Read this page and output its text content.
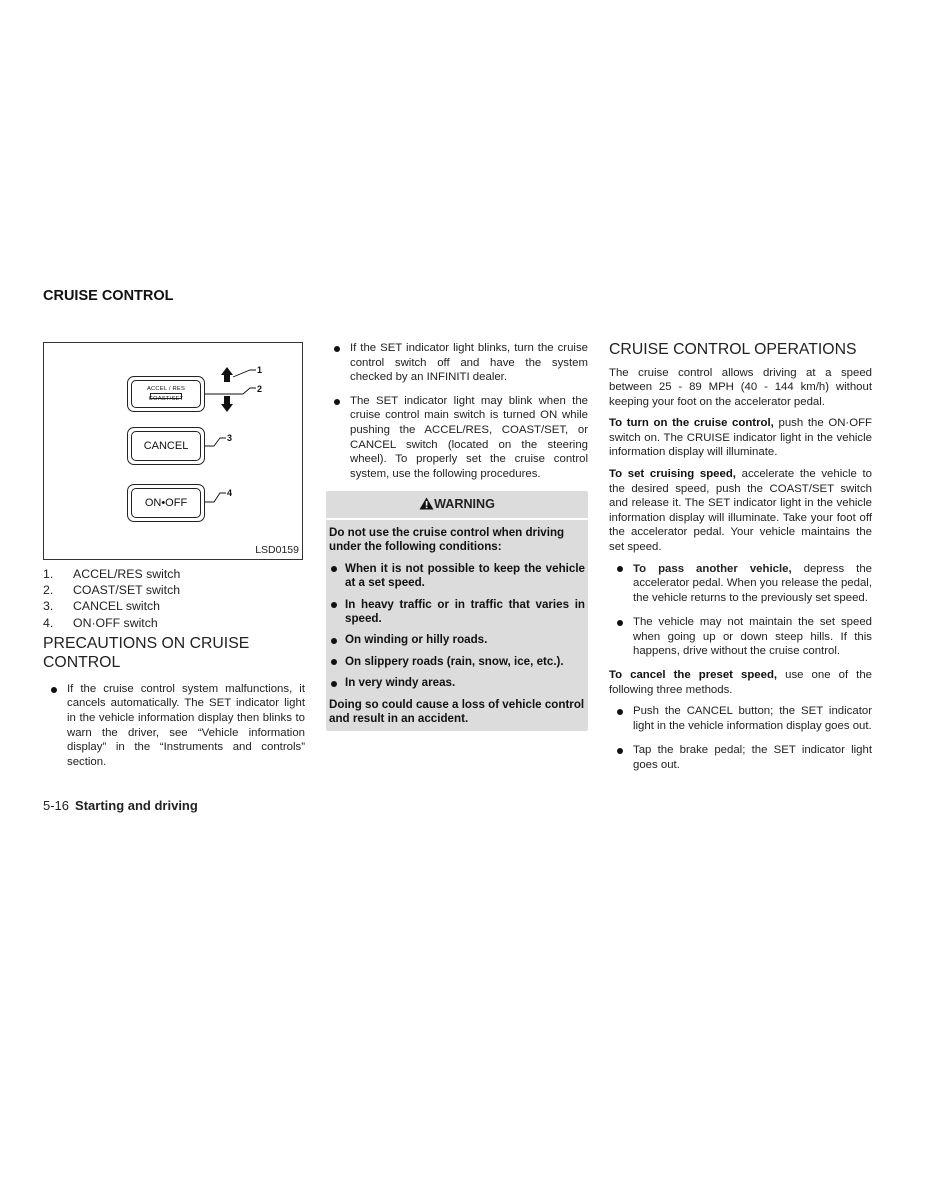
CRUISE CONTROL
ACCEL / RES
COAST/SET
CANCEL
ON•OFF
1
2
3
4
LSD0159
1.	ACCEL/RES switch
2.	COAST/SET switch
3.	CANCEL switch
4.	ON·OFF switch
PRECAUTIONS ON CRUISE CONTROL
If the cruise control system malfunctions, it cancels automatically. The SET indicator light in the vehicle information display then blinks to warn the driver, see “Vehicle information display” in the “Instruments and controls” section.
If the SET indicator light blinks, turn the cruise control switch off and have the system checked by an INFINITI dealer.
The SET indicator light may blink when the cruise control main switch is turned ON while pushing the ACCEL/RES, COAST/SET, or CANCEL switch (located on the steering wheel). To properly set the cruise control system, use the following procedures.
WARNING

Do not use the cruise control when driving under the following conditions:

When it is not possible to keep the vehicle at a set speed.
In heavy traffic or in traffic that varies in speed.
On winding or hilly roads.
On slippery roads (rain, snow, ice, etc.).
In very windy areas.

Doing so could cause a loss of vehicle control and result in an accident.

CRUISE CONTROL OPERATIONS

The cruise control allows driving at a speed between 25 - 89 MPH (40 - 144 km/h) without keeping your foot on the accelerator pedal.

To turn on the cruise control, push the ON·OFF switch on. The CRUISE indicator light in the vehicle information display will illuminate.

To set cruising speed, accelerate the vehicle to the desired speed, push the COAST/SET switch and release it. The SET indicator light in the vehicle information display will illuminate. Take your foot off the accelerator pedal. Your vehicle maintains the set speed.

To pass another vehicle, depress the accelerator pedal. When you release the pedal, the vehicle returns to the previously set speed.
The vehicle may not maintain the set speed when going up or down steep hills. If this happens, drive without the cruise control.

To cancel the preset speed, use one of the following three methods.

Push the CANCEL button; the SET indicator light in the vehicle information display goes out.
Tap the brake pedal; the SET indicator light goes out.
5-16 Starting and driving
